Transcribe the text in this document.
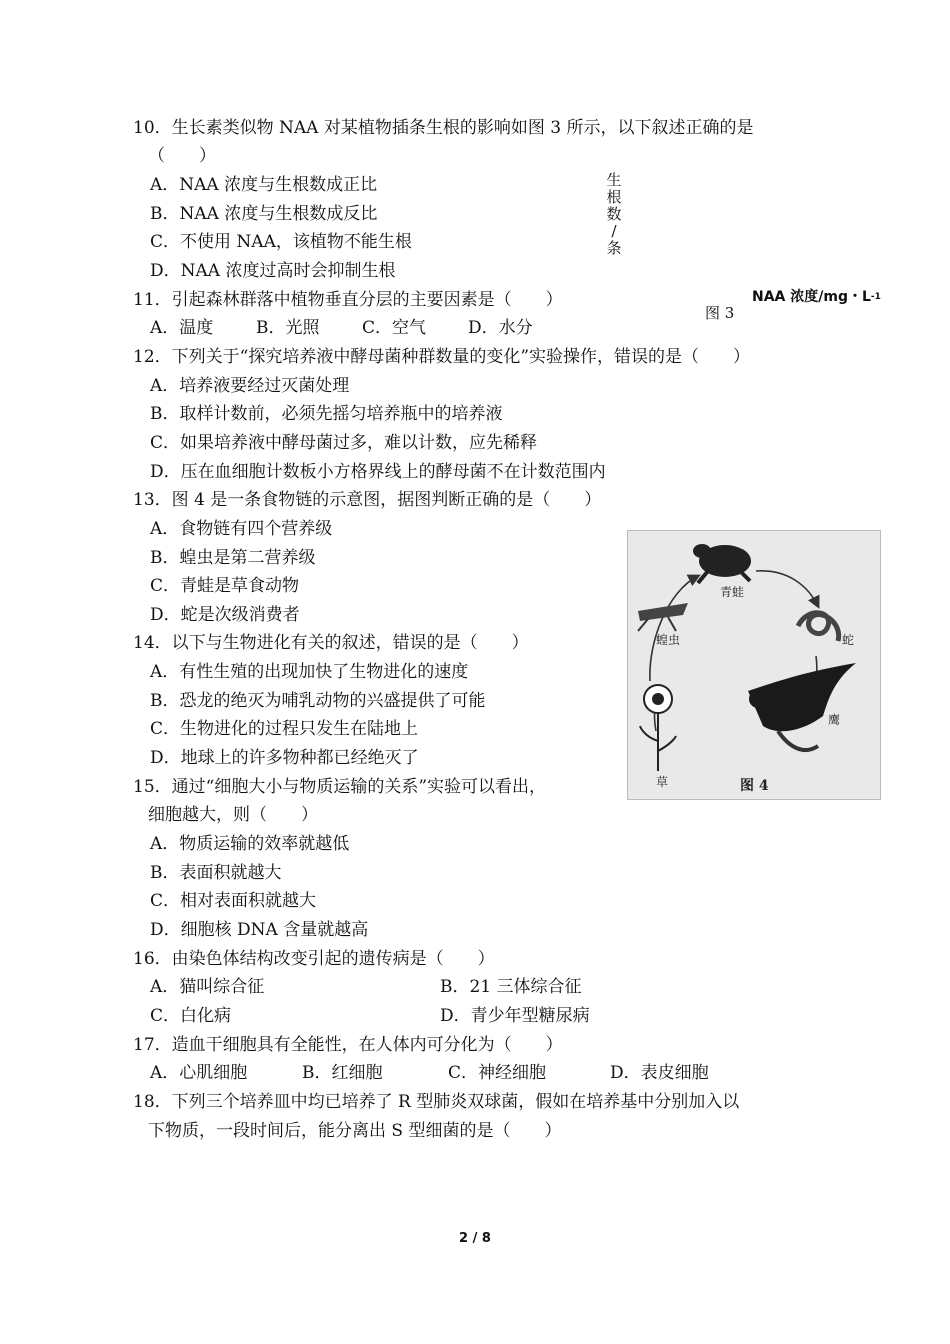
10．生长素类似物 NAA 对某植物插条生根的影响如图 3 所示，以下叙述正确的是
（　　）
A．NAA 浓度与生根数成正比
B．NAA 浓度与生根数成反比
C．不使用 NAA，该植物不能生根
D．NAA 浓度过高时会抑制生根
生
根
数
/条
NAA 浓度/mg・$L^{-1}$
图 3
11．引起森林群落中植物垂直分层的主要因素是（　　）
A．温度	B．光照	C．空气 D．水分
12．下列关于“探究培养液中酵母菌种群数量的变化”实验操作，错误的是（　　）
A．培养液要经过灭菌处理
B．取样计数前，必须先摇匀培养瓶中的培养液
C．如果培养液中酵母菌过多，难以计数，应先稀释
D．压在血细胞计数板小方格界线上的酵母菌不在计数范围内
13．图 4 是一条食物链的示意图，据图判断正确的是（　　）
A．食物链有四个营养级
B．蝗虫是第二营养级
C．青蛙是草食动物
D．蛇是次级消费者
青蛙
蛇
鹰
草
蝗虫
图 4
14．以下与生物进化有关的叙述，错误的是（　　）
A．有性生殖的出现加快了生物进化的速度
B．恐龙的绝灭为哺乳动物的兴盛提供了可能
C．生物进化的过程只发生在陆地上
D．地球上的许多物种都已经绝灭了
15．通过“细胞大小与物质运输的关系”实验可以看出，
细胞越大，则（　　）
A．物质运输的效率就越低
B．表面积就越大
C．相对表面积就越大
D．细胞核 DNA 含量就越高
16．由染色体结构改变引起的遗传病是（　　）
A．猫叫综合征	B．21 三体综合征
C．白化病	D．青少年型糖尿病
17．造血干细胞具有全能性，在人体内可分化为（　　）
A．心肌细胞	B．红细胞	C．神经细胞	D．表皮细胞
18．下列三个培养皿中均已培养了 R 型肺炎双球菌，假如在培养基中分别加入以
下物质，一段时间后，能分离出 S 型细菌的是（　　）
2 / 8
